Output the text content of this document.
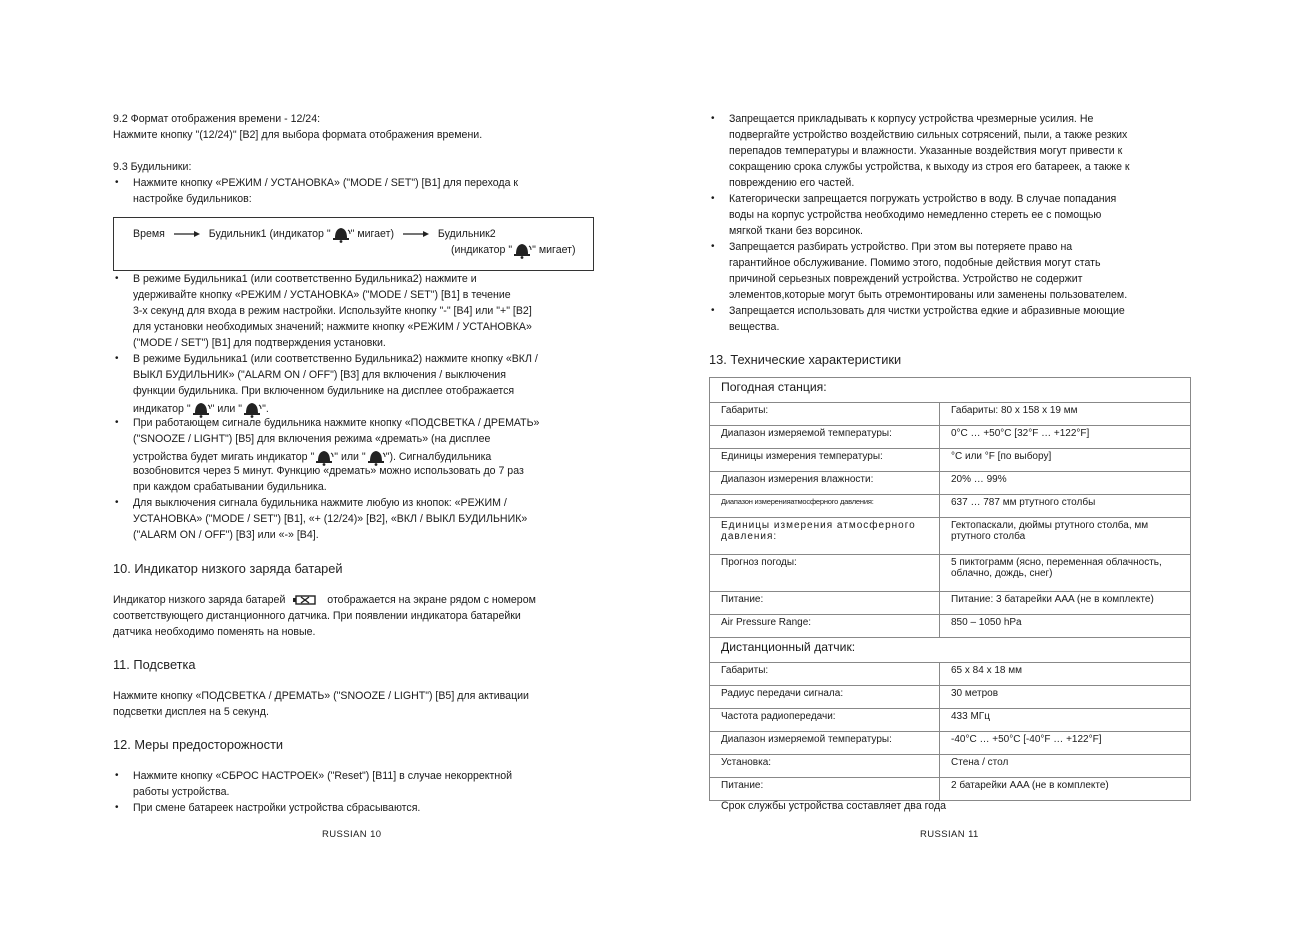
9.2 Формат отображения времени - 12/24:
Нажмите кнопку "(12/24)" [B2] для выбора формата отображения времени.
9.3 Будильники:
• Нажмите кнопку «РЕЖИМ / УСТАНОВКА» ("MODE / SET") [B1] для перехода к
настройке будильников:
Время	Будильник1 (индикатор " " мигает)	Будильник2
(индикатор " " мигает)
• В режиме Будильника1 (или соответственно Будильника2) нажмите и
удерживайте кнопку «РЕЖИМ / УСТАНОВКА» ("MODE / SET") [B1] в течение
3-х секунд для входа в режим настройки. Используйте кнопку "-" [B4] или "+" [B2]
для установки необходимых значений; нажмите кнопку «РЕЖИМ / УСТАНОВКА»
("MODE / SET") [B1] для подтверждения установки.
• В режиме Будильника1 (или соответственно Будильника2) нажмите кнопку «ВКЛ /
ВЫКЛ БУДИЛЬНИК» ("ALARM ON / OFF") [B3] для включения / выключения
функции будильника. При включенном будильнике на дисплее отображается
индикатор " " или " ".
• При работающем сигнале будильника нажмите кнопку «ПОДСВЕТКА / ДРЕМАТЬ»
("SNOOZE / LIGHT") [B5] для включения режима «дремать» (на дисплее
устройства будет мигать индикатор " " или " "). Сигналбудильника
возобновится через 5 минут. Функцию «дремать» можно использовать до 7 раз
при каждом срабатывании будильника.
• Для выключения сигнала будильника нажмите любую из кнопок: «РЕЖИМ /
УСТАНОВКА» ("MODE / SET") [B1], «+ (12/24)» [B2], «ВКЛ / ВЫКЛ БУДИЛЬНИК»
("ALARM ON / OFF") [B3] или «-» [B4].
10. Индикатор низкого заряда батарей
Индикатор низкого заряда батарей	отображается на экране рядом с номером
соответствующего дистанционного датчика. При появлении индикатора батарейки
датчика необходимо поменять на новые.
11. Подсветка
Нажмите кнопку «ПОДСВЕТКА / ДРЕМАТЬ» ("SNOOZE / LIGHT") [B5] для активации
подсветки дисплея на 5 секунд.
12. Меры предосторожности
• Нажмите кнопку «СБРОС НАСТРОЕК» ("Reset") [B11] в случае некорректной
работы устройства.
• При смене батареек настройки устройства сбрасываются.
RUSSIAN 10
• Запрещается прикладывать к корпусу устройства чрезмерные усилия. Не
подвергайте устройство воздействию сильных сотрясений, пыли, а также резких
перепадов температуры и влажности. Указанные воздействия могут привести к
сокращению срока службы устройства, к выходу из строя его батареек, а также к
повреждению его частей.
• Категорически запрещается погружать устройство в воду. В случае попадания
воды на корпус устройства необходимо немедленно стереть ее с помощью
мягкой ткани без ворсинок.
• Запрещается разбирать устройство. При этом вы потеряете право на
гарантийное обслуживание. Помимо этого, подобные действия могут стать
причиной серьезных повреждений устройства. Устройство не содержит
элементов,которые могут быть отремонтированы или заменены пользователем.
• Запрещается использовать для чистки устройства едкие и абразивные моющие
вещества.
13. Технические характеристики
RUSSIAN 11
Срок службы устройства составляет два года
Погодная станция:	
Габариты:	Габариты: 80 x 158 x 19 мм
Диапазон измеряемой температуры:	0°C … +50°C [32°F … +122°F]
Единицы измерения температуры:	°C или °F [по выбору]
Диапазон измерения влажности:	20% … 99%
Диапазон измеренияатмосферного давления:	637 … 787 мм ртутного столбы
Единицы измерения атмосферного давления:	Гектопаскали, дюймы ртутного столба, мм ртутного столба
Прогноз погоды:	5 пиктограмм (ясно, переменная облачность, облачно, дождь, снег)
Питание:	Питание: 3 батарейки AAA (не в комплекте)
Air Pressure Range:	850 – 1050 hPa
Дистанционный датчик:	
Габариты:	65 x 84 x 18 мм
Радиус передачи сигнала:	30 метров
Частота радиопередачи:	433 МГц
Диапазон измеряемой температуры:	-40°C … +50°C [-40°F … +122°F]
Установка:	Стена / стол
Питание:	2 батарейки AAA (не в комплекте)
